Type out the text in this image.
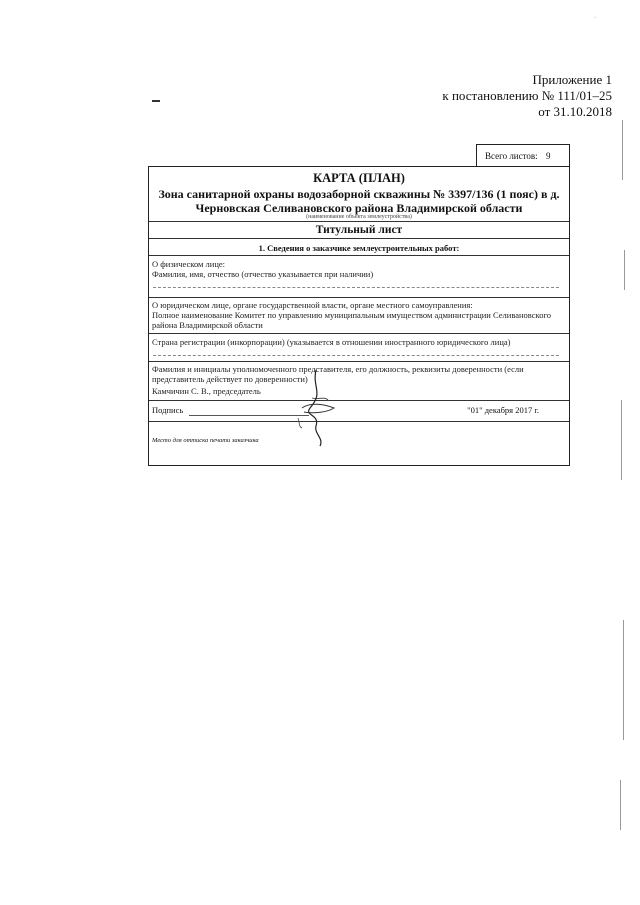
Приложение 1
к постановлению № 111/01–25
от 31.10.2018
·
Всего листов: 9
КАРТА (ПЛАН)
Зона санитарной охраны водозаборной скважины № 3397/136 (1 пояс) в д. Черновская Селивановского района Владимирской области
(наименование объекта землеустройства)
Титульный лист
1. Сведения о заказчике землеустроительных работ:
О физическом лице:
Фамилия, имя, отчество (отчество указывается при наличии)
О юридическом лице, органе государственной власти, органе местного самоуправления:
Полное наименование Комитет по управлению муниципальным имуществом администрации Селивановского района Владимирской области
Страна регистрации (инкорпорации) (указывается в отношении иностранного юридического лица)
Фамилия и инициалы уполномоченного представителя, его должность, реквизиты доверенности (если представитель действует по доверенности)
Камчичин С. В., председатель
Подпись	"01" декабря 2017 г.
Место для оттиска печати заказчика
